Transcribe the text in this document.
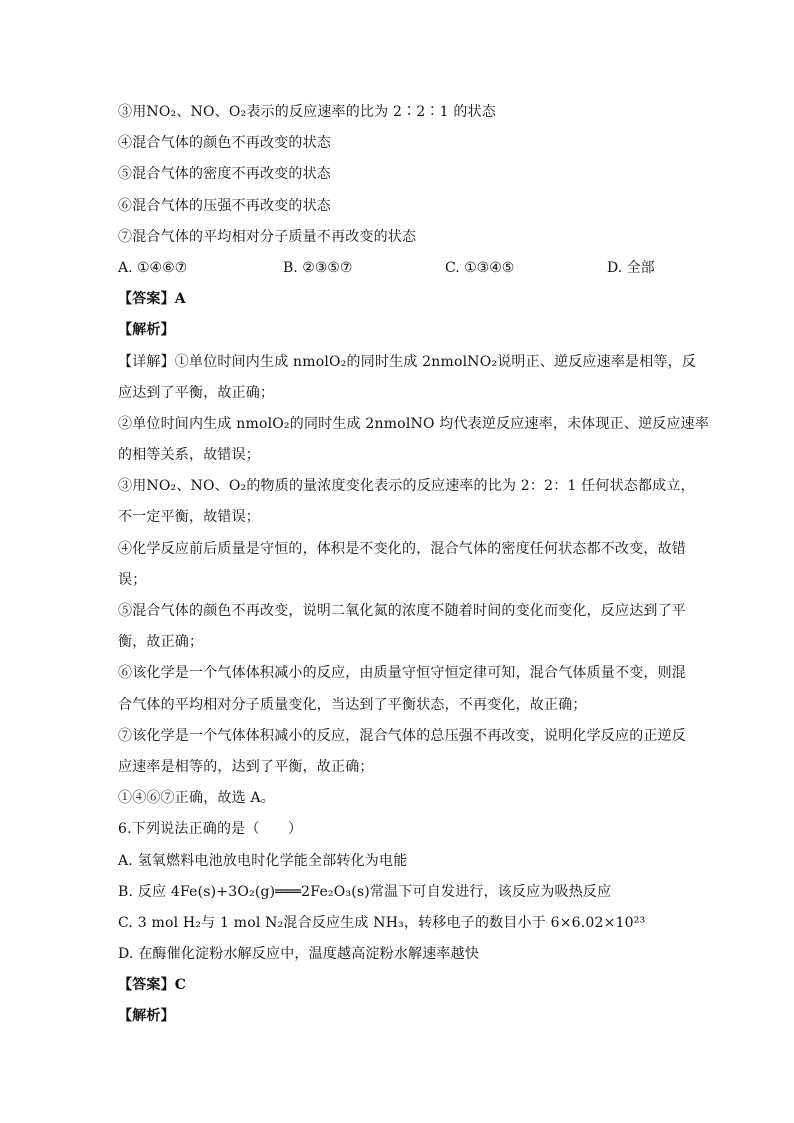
③用NO₂、NO、O₂表示的反应速率的比为 2∶2∶1 的状态
④混合气体的颜色不再改变的状态
⑤混合气体的密度不再改变的状态
⑥混合气体的压强不再改变的状态
⑦混合气体的平均相对分子质量不再改变的状态
A. ①④⑥⑦	B. ②③⑤⑦	C. ①③④⑤	D. 全部
【答案】A
【解析】
【详解】①单位时间内生成 nmolO₂的同时生成 2nmolNO₂说明正、逆反应速率是相等，反
应达到了平衡，故正确；
②单位时间内生成 nmolO₂的同时生成 2nmolNO 均代表逆反应速率，未体现正、逆反应速率
的相等关系，故错误；
③用NO₂、NO、O₂的物质的量浓度变化表示的反应速率的比为 2：2：1 任何状态都成立，
不一定平衡，故错误；
④化学反应前后质量是守恒的，体积是不变化的，混合气体的密度任何状态都不改变，故错
误；
⑤混合气体的颜色不再改变，说明二氧化氮的浓度不随着时间的变化而变化，反应达到了平
衡，故正确；
⑥该化学是一个气体体积减小的反应，由质量守恒守恒定律可知，混合气体质量不变，则混
合气体的平均相对分子质量变化，当达到了平衡状态，不再变化，故正确；
⑦该化学是一个气体体积减小的反应，混合气体的总压强不再改变，说明化学反应的正逆反
应速率是相等的，达到了平衡，故正确；
①④⑥⑦正确，故选 A。
6.下列说法正确的是（　　）
A. 氢氧燃料电池放电时化学能全部转化为电能
B. 反应 4Fe(s)+3O₂(g)═══2Fe₂O₃(s)常温下可自发进行，该反应为吸热反应
C. 3 mol H₂与 1 mol N₂混合反应生成 NH₃，转移电子的数目小于 6×6.02×10²³
D. 在酶催化淀粉水解反应中，温度越高淀粉水解速率越快
【答案】C
【解析】
